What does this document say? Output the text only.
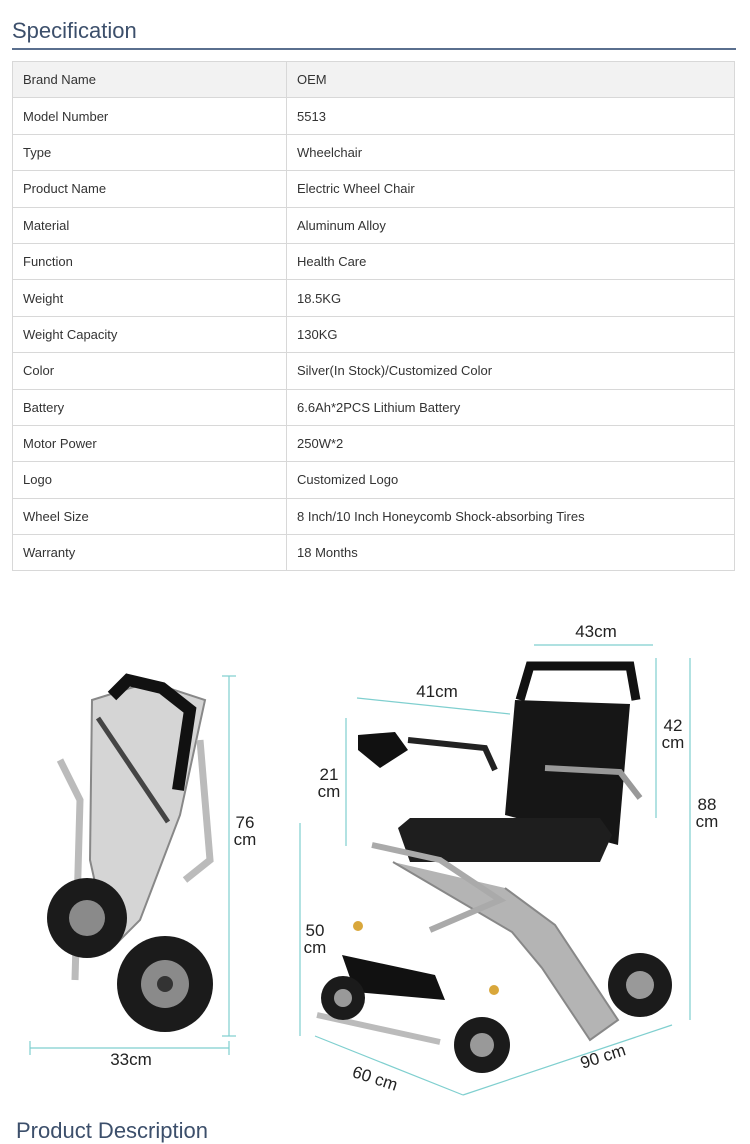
Specification
Brand Name	OEM
Model Number	5513
Type	Wheelchair
Product Name	Electric Wheel Chair
Material	Aluminum Alloy
Function	Health Care
Weight	18.5KG
Weight Capacity	130KG
Color	Silver(In Stock)/Customized Color
Battery	6.6Ah*2PCS Lithium Battery
Motor Power	250W*2
Logo	Customized Logo
Wheel Size	8 Inch/10 Inch Honeycomb Shock-absorbing Tires
Warranty	18 Months
76
cm
33cm
43cm
41cm
42
cm
88
cm
21
cm
50
cm
60 cm
90 cm
Product Description
